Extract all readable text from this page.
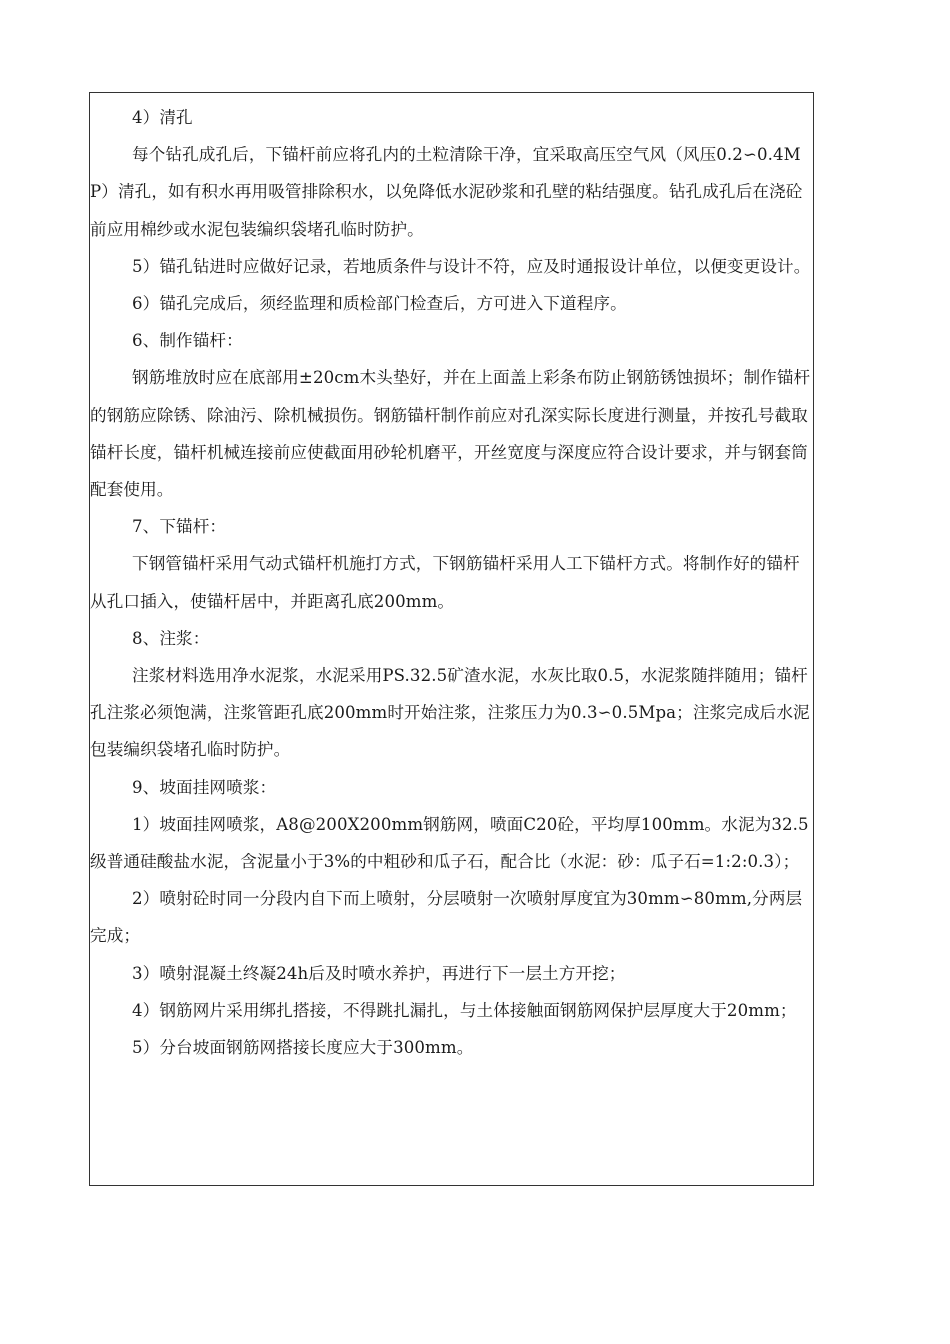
4）清孔

每个钻孔成孔后，下锚杆前应将孔内的土粒清除干净，宜采取高压空气风（风压0.2∽0.4MP）清孔，如有积水再用吸管排除积水，以免降低水泥砂浆和孔壁的粘结强度。钻孔成孔后在浇砼前应用棉纱或水泥包装编织袋堵孔临时防护。

5）锚孔钻进时应做好记录，若地质条件与设计不符，应及时通报设计单位，以便变更设计。

6）锚孔完成后，须经监理和质检部门检查后，方可进入下道程序。

6、制作锚杆：

钢筋堆放时应在底部用±20cm木头垫好，并在上面盖上彩条布防止钢筋锈蚀损坏；制作锚杆的钢筋应除锈、除油污、除机械损伤。钢筋锚杆制作前应对孔深实际长度进行测量，并按孔号截取锚杆长度，锚杆机械连接前应使截面用砂轮机磨平，开丝宽度与深度应符合设计要求，并与钢套筒配套使用。

7、下锚杆：

下钢管锚杆采用气动式锚杆机施打方式，下钢筋锚杆采用人工下锚杆方式。将制作好的锚杆从孔口插入，使锚杆居中，并距离孔底200mm。

8、注浆：

注浆材料选用净水泥浆，水泥采用PS.32.5矿渣水泥，水灰比取0.5，水泥浆随拌随用；锚杆孔注浆必须饱满，注浆管距孔底200mm时开始注浆，注浆压力为0.3∽0.5Mpa；注浆完成后水泥包装编织袋堵孔临时防护。

9、坡面挂网喷浆：

1）坡面挂网喷浆，A8@200X200mm钢筋网，喷面C20砼，平均厚100mm。水泥为32.5级普通硅酸盐水泥，含泥量小于3%的中粗砂和瓜子石，配合比（水泥：砂：瓜子石=1:2:0.3）；

2）喷射砼时同一分段内自下而上喷射，分层喷射一次喷射厚度宜为30mm∽80mm,分两层完成；

3）喷射混凝土终凝24h后及时喷水养护，再进行下一层土方开挖；

4）钢筋网片采用绑扎搭接，不得跳扎漏扎，与土体接触面钢筋网保护层厚度大于20mm；

5）分台坡面钢筋网搭接长度应大于300mm。
